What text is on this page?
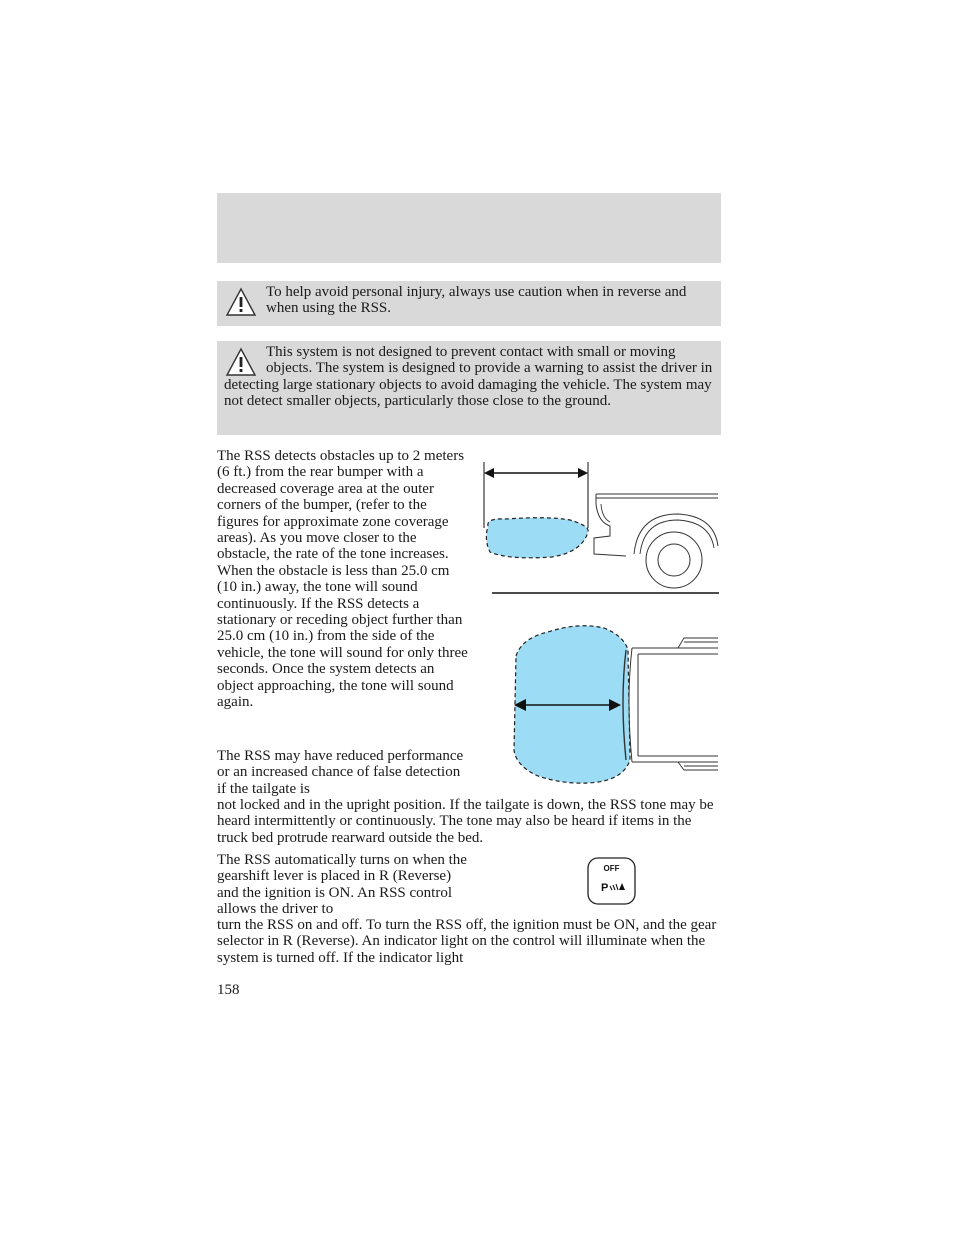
To help avoid personal injury, always use caution when in reverse and when using the RSS.
This system is not designed to prevent contact with small or moving objects. The system is designed to provide a warning to assist the driver in detecting large stationary objects to avoid damaging the vehicle. The system may not detect smaller objects, particularly those close to the ground.

The RSS detects obstacles up to 2 meters (6 ft.) from the rear bumper with a decreased coverage area at the outer corners of the bumper, (refer to the figures for approximate zone coverage areas). As you move closer to the obstacle, the rate of the tone increases. When the obstacle is less than 25.0 cm (10 in.) away, the tone will sound continuously. If the RSS detects a stationary or receding object further than 25.0 cm (10 in.) from the side of the vehicle, the tone will sound for only three seconds. Once the system detects an object approaching, the tone will sound again.

The RSS may have reduced performance or an increased chance of false detection if the tailgate is

not locked and in the upright position. If the tailgate is down, the RSS tone may be heard intermittently or continuously. The tone may also be heard if items in the truck bed protrude rearward outside the bed.

The RSS automatically turns on when the gearshift lever is placed in R (Reverse) and the ignition is ON. An RSS control allows the driver to

turn the RSS on and off. To turn the RSS off, the ignition must be ON, and the gear selector in R (Reverse). An indicator light on the control will illuminate when the system is turned off. If the indicator light

OFF
P
158
